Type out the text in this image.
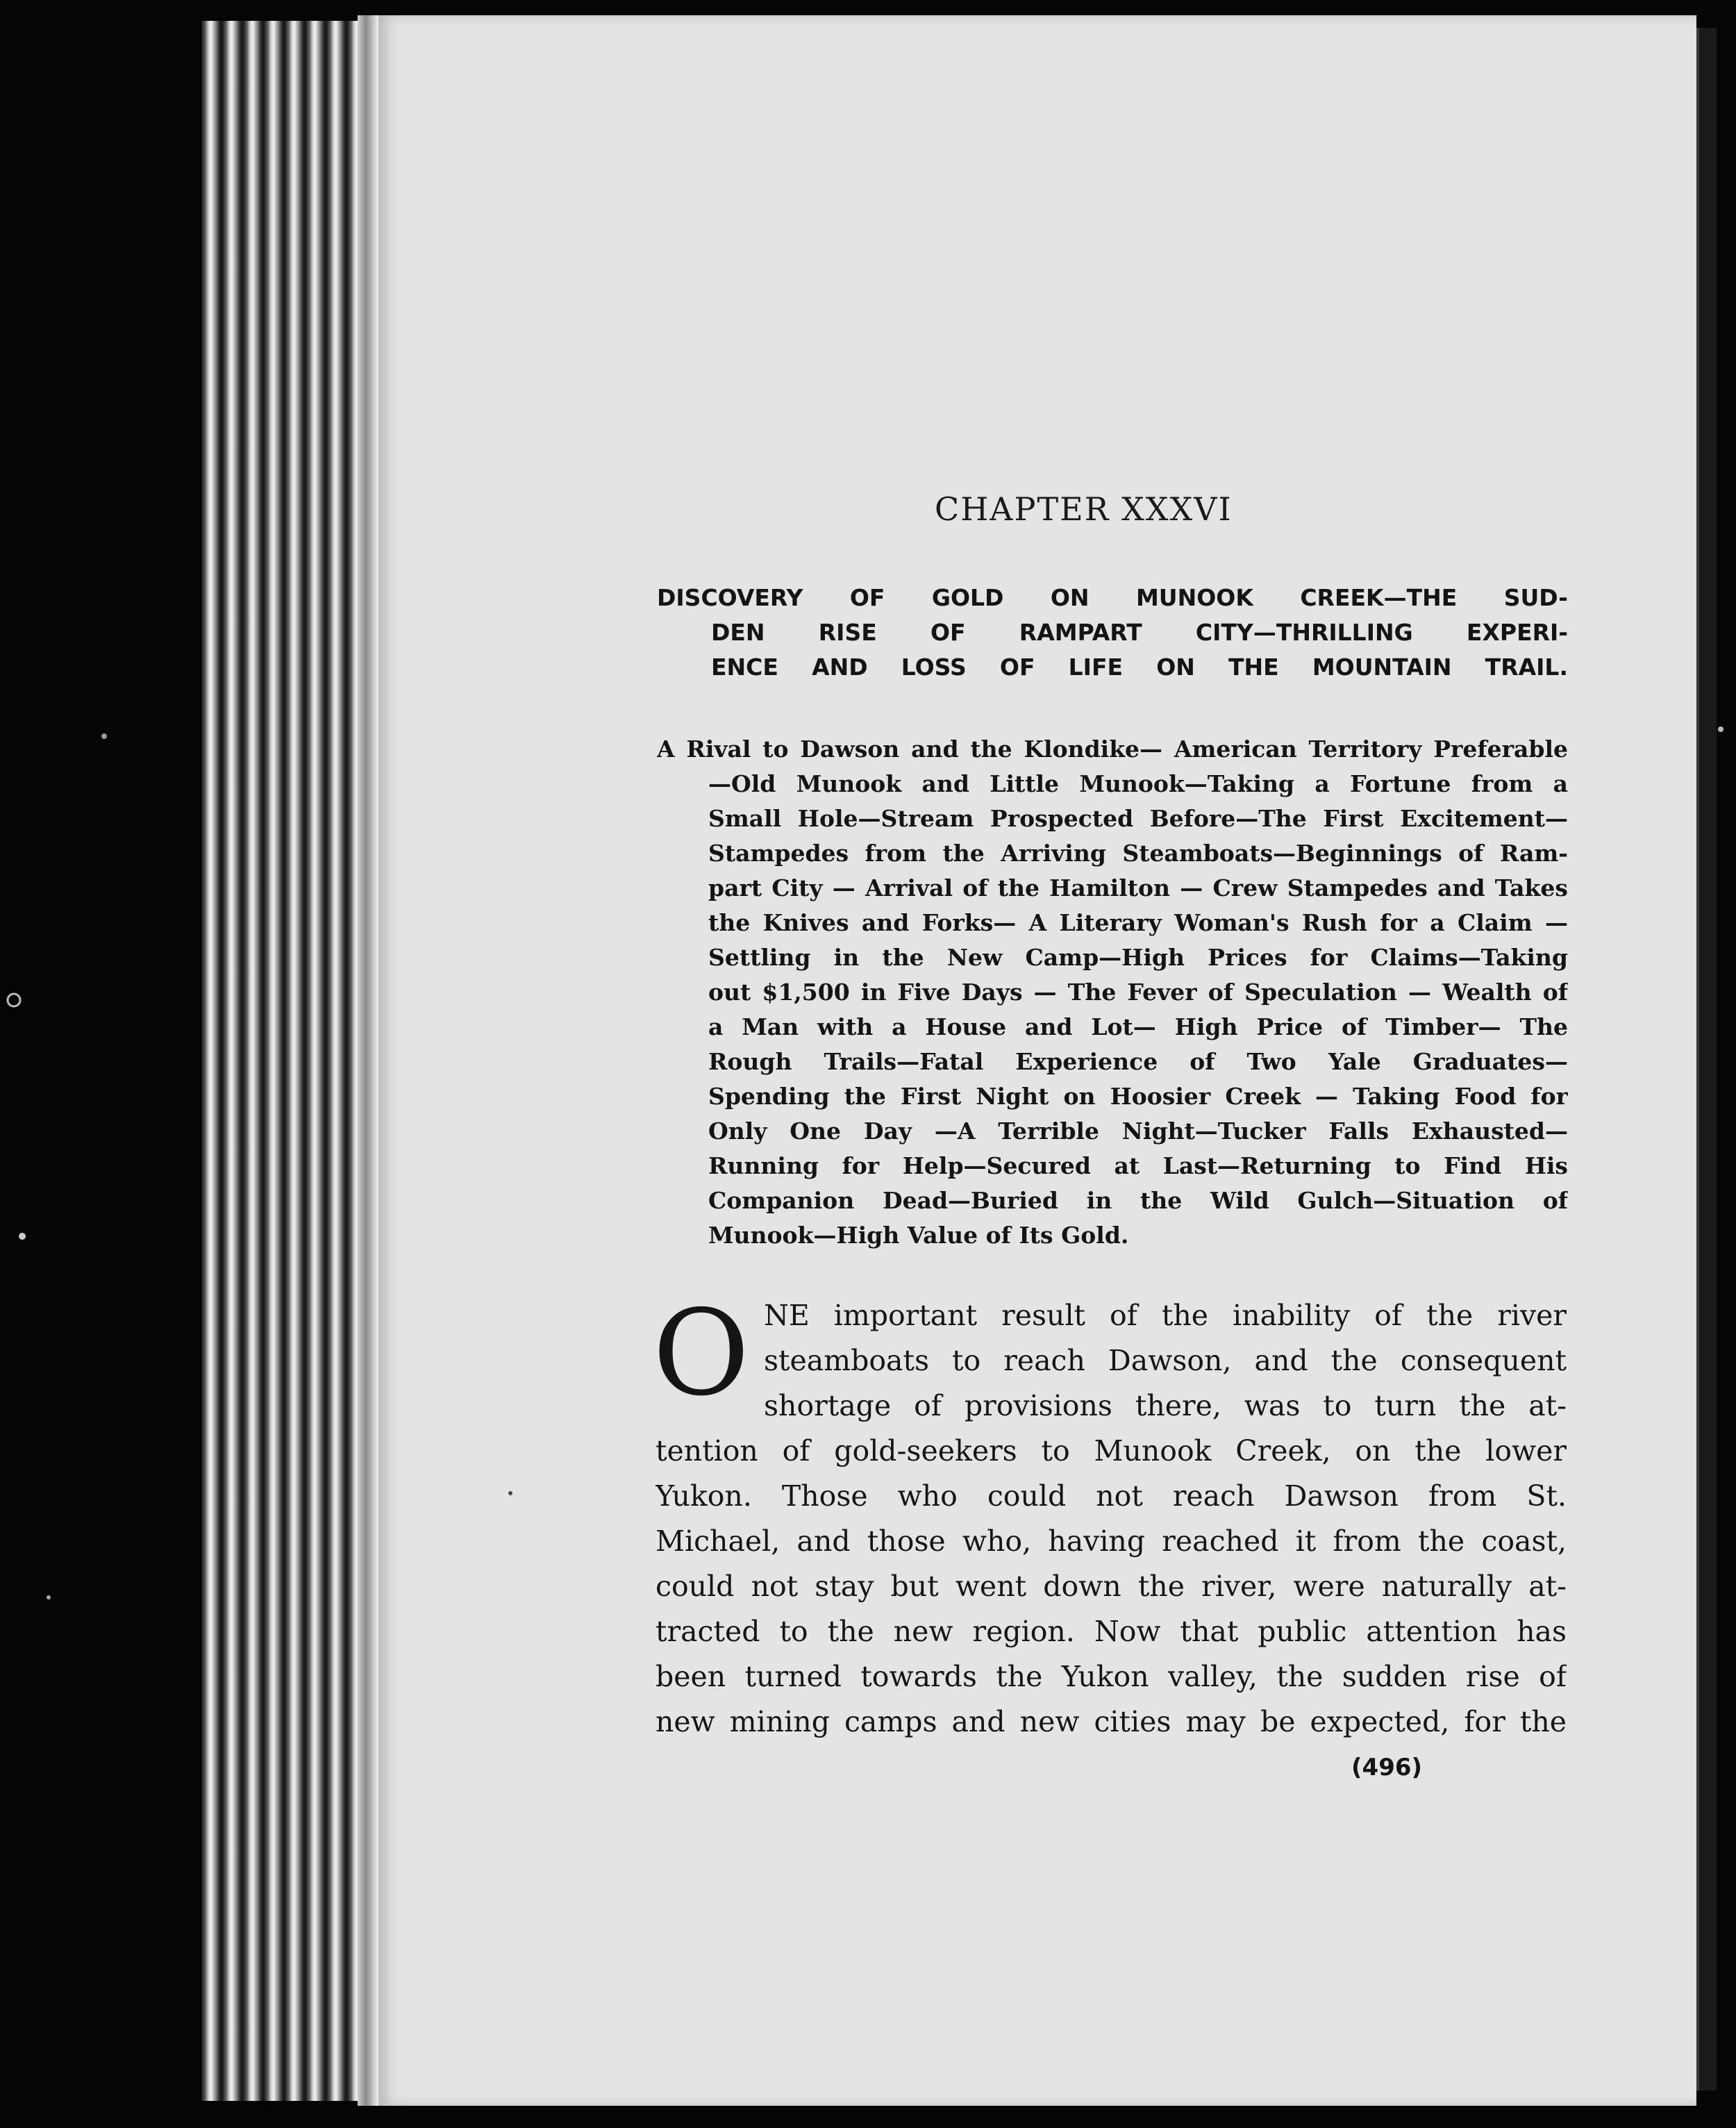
CHAPTER XXXVI
DISCOVERY OF GOLD ON MUNOOK CREEK—THE SUD-
DEN RISE OF RAMPART CITY—THRILLING EXPERI-
ENCE AND LOSS OF LIFE ON THE MOUNTAIN TRAIL.
A Rival to Dawson and the Klondike— American Territory Preferable
—Old Munook and Little Munook—Taking a Fortune from a
Small Hole—Stream Prospected Before—The First Excitement—
Stampedes from the Arriving Steamboats—Beginnings of Ram-
part City — Arrival of the Hamilton — Crew Stampedes and Takes
the Knives and Forks— A Literary Woman's Rush for a Claim —
Settling in the New Camp—High Prices for Claims—Taking
out $1,500 in Five Days — The Fever of Speculation — Wealth of
a Man with a House and Lot— High Price of Timber— The
Rough Trails—Fatal Experience of Two Yale Graduates—
Spending the First Night on Hoosier Creek — Taking Food for
Only One Day —A Terrible Night—Tucker Falls Exhausted—
Running for Help—Secured at Last—Returning to Find His
Companion Dead—Buried in the Wild Gulch—Situation of
Munook—High Value of Its Gold.
O NE important result of the inability of the river
steamboats to reach Dawson, and the consequent
shortage of provisions there, was to turn the at-
tention of gold-seekers to Munook Creek, on the lower
Yukon. Those who could not reach Dawson from St.
Michael, and those who, having reached it from the coast,
could not stay but went down the river, were naturally at-
tracted to the new region. Now that public attention has
been turned towards the Yukon valley, the sudden rise of
new mining camps and new cities may be expected, for the
(496)
